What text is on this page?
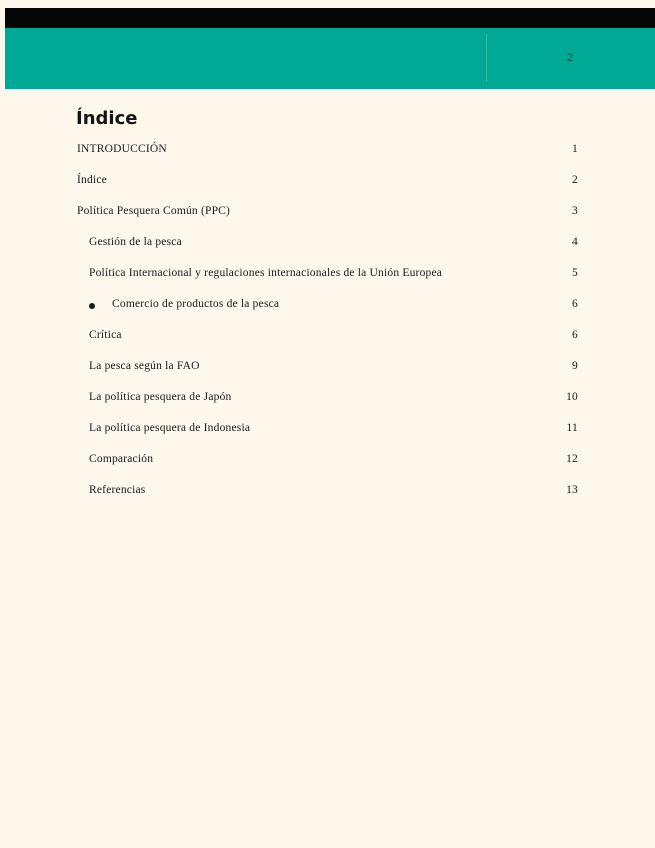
2
Índice
INTRODUCCIÓN	1
Índice	2
Política Pesquera Común (PPC)	3
Gestión de la pesca	4
Política Internacional y regulaciones internacionales de la Unión Europea	5
Comercio de productos de la pesca	6
Crítica	6
La pesca según la FAO	9
La política pesquera de Japón	10
La política pesquera de Indonesia	11
Comparación	12
Referencias	13
